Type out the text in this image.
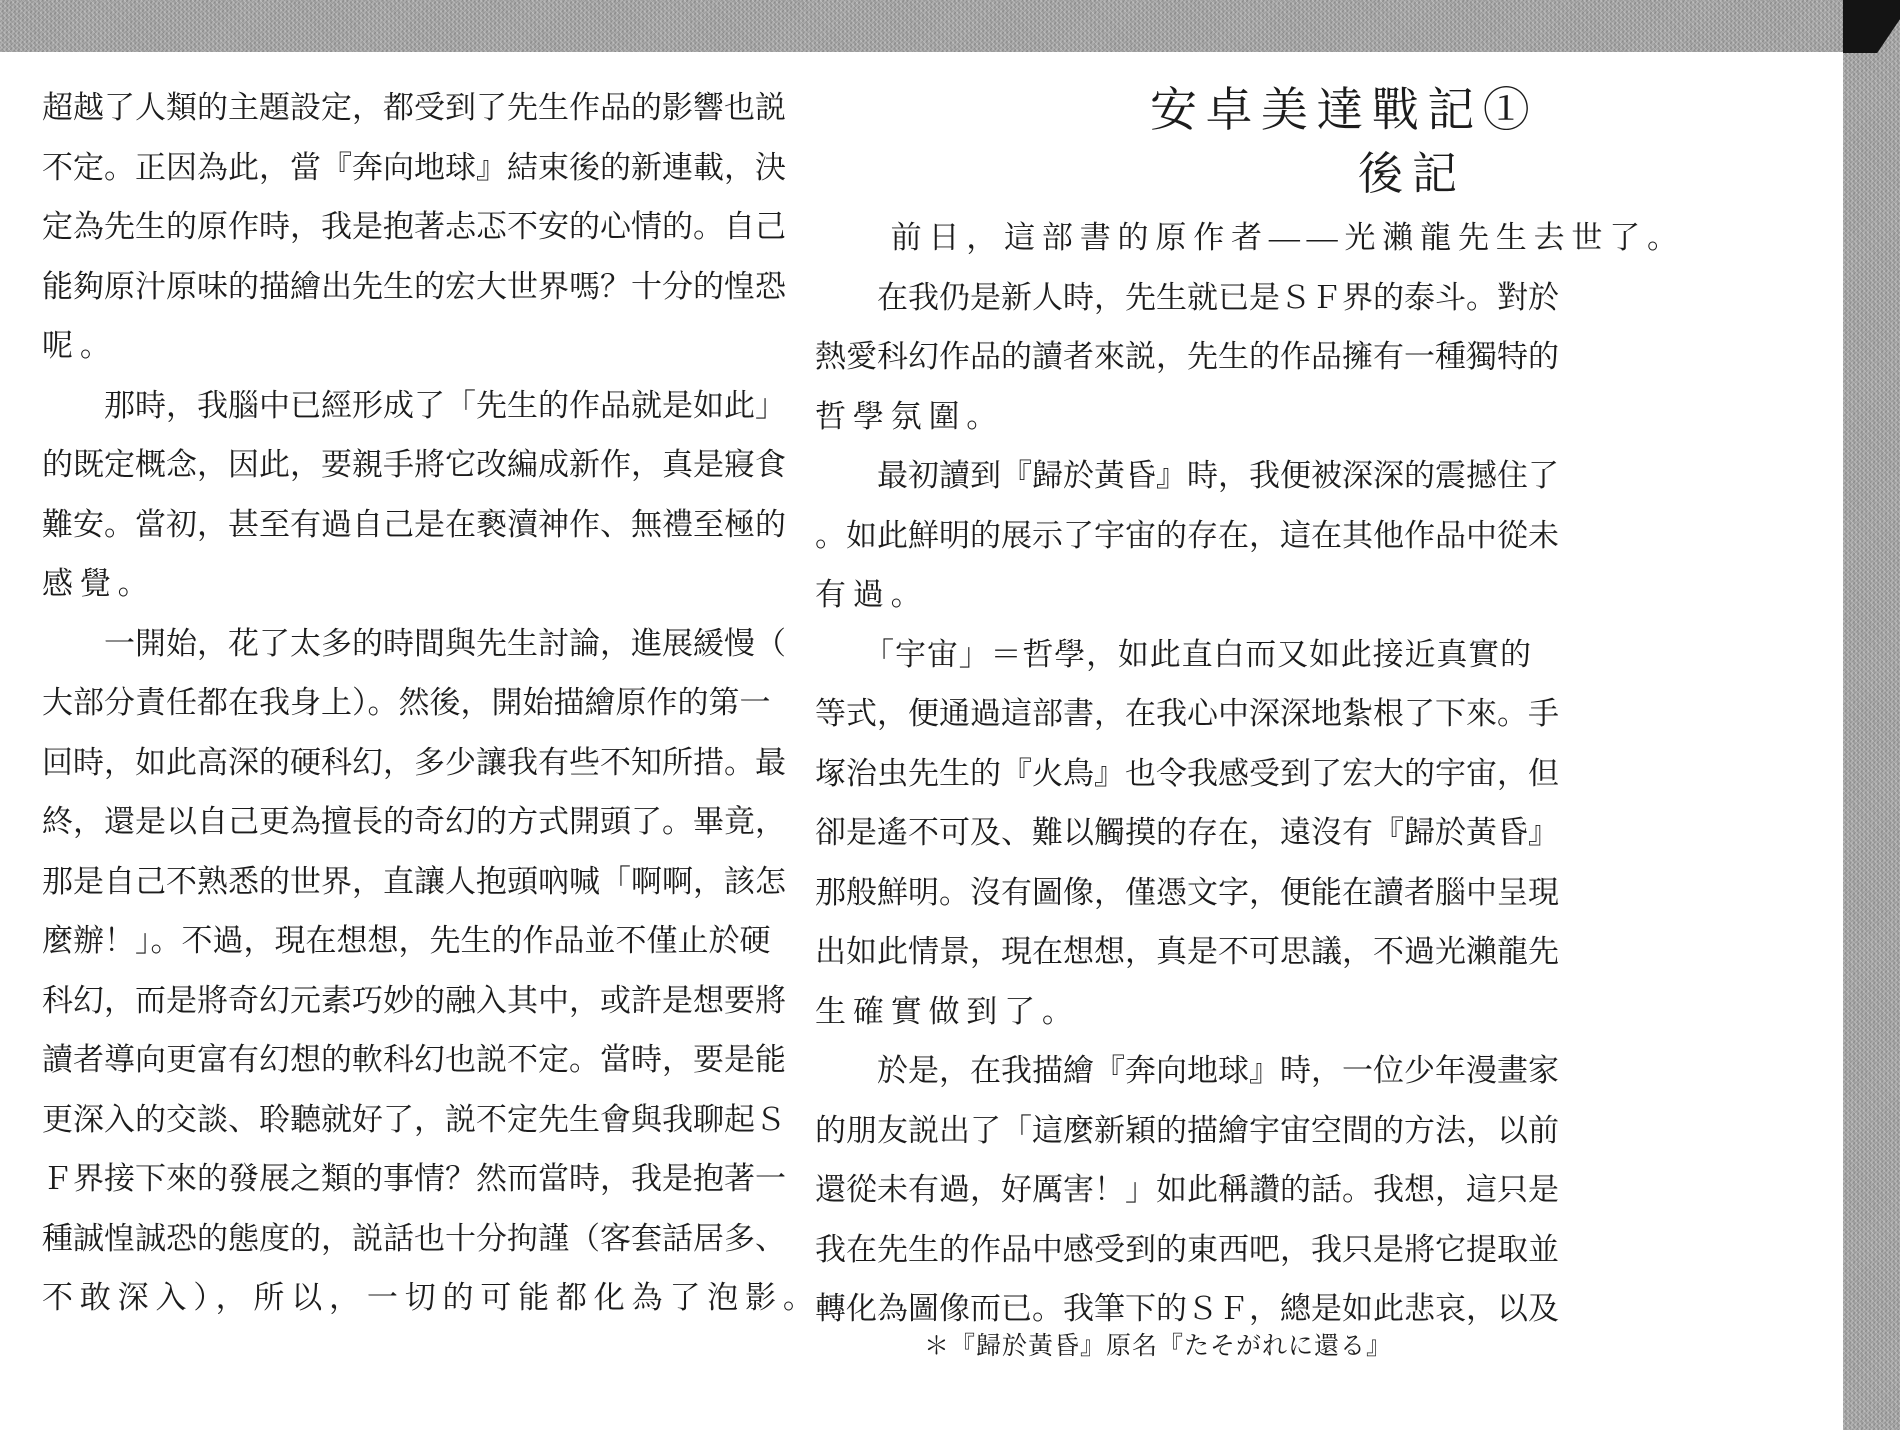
安卓美達戰記①
後記
超越了人類的主題設定，都受到了先生作品的影響也説
不定。正因為此，當『奔向地球』結束後的新連載，決
定為先生的原作時，我是抱著忐忑不安的心情的。自己
能夠原汁原味的描繪出先生的宏大世界嗎？十分的惶恐
呢。
　　那時，我腦中已經形成了「先生的作品就是如此」
的既定概念，因此，要親手將它改編成新作，真是寢食
難安。當初，甚至有過自己是在褻瀆神作、無禮至極的
感覺。
　　一開始，花了太多的時間與先生討論，進展緩慢（
大部分責任都在我身上）。然後，開始描繪原作的第一
回時，如此高深的硬科幻，多少讓我有些不知所措。最
終，還是以自己更為擅長的奇幻的方式開頭了。畢竟，
那是自己不熟悉的世界，直讓人抱頭吶喊「啊啊，該怎
麼辦！」。不過，現在想想，先生的作品並不僅止於硬
科幻，而是將奇幻元素巧妙的融入其中，或許是想要將
讀者導向更富有幻想的軟科幻也説不定。當時，要是能
更深入的交談、聆聽就好了，説不定先生會與我聊起Ｓ
Ｆ界接下來的發展之類的事情？然而當時，我是抱著一
種誠惶誠恐的態度的，説話也十分拘謹（客套話居多、
不敢深入），所以，一切的可能都化為了泡影。
　　前日，這部書的原作者——光瀨龍先生去世了。
　　在我仍是新人時，先生就已是ＳＦ界的泰斗。對於
熱愛科幻作品的讀者來説，先生的作品擁有一種獨特的
哲學氛圍。
　　最初讀到『歸於黃昏』時，我便被深深的震撼住了
。如此鮮明的展示了宇宙的存在，這在其他作品中從未
有過。
　　「宇宙」＝哲學，如此直白而又如此接近真實的
等式，便通過這部書，在我心中深深地紮根了下來。手
塚治虫先生的『火鳥』也令我感受到了宏大的宇宙，但
卻是遙不可及、難以觸摸的存在，遠沒有『歸於黃昏』
那般鮮明。沒有圖像，僅憑文字，便能在讀者腦中呈現
出如此情景，現在想想，真是不可思議，不過光瀨龍先
生確實做到了。
　　於是，在我描繪『奔向地球』時，一位少年漫畫家
的朋友説出了「這麼新穎的描繪宇宙空間的方法，以前
還從未有過，好厲害！」如此稱讚的話。我想，這只是
我在先生的作品中感受到的東西吧，我只是將它提取並
轉化為圖像而已。我筆下的ＳＦ，總是如此悲哀，以及
＊『歸於黃昏』原名『たそがれに還る』
